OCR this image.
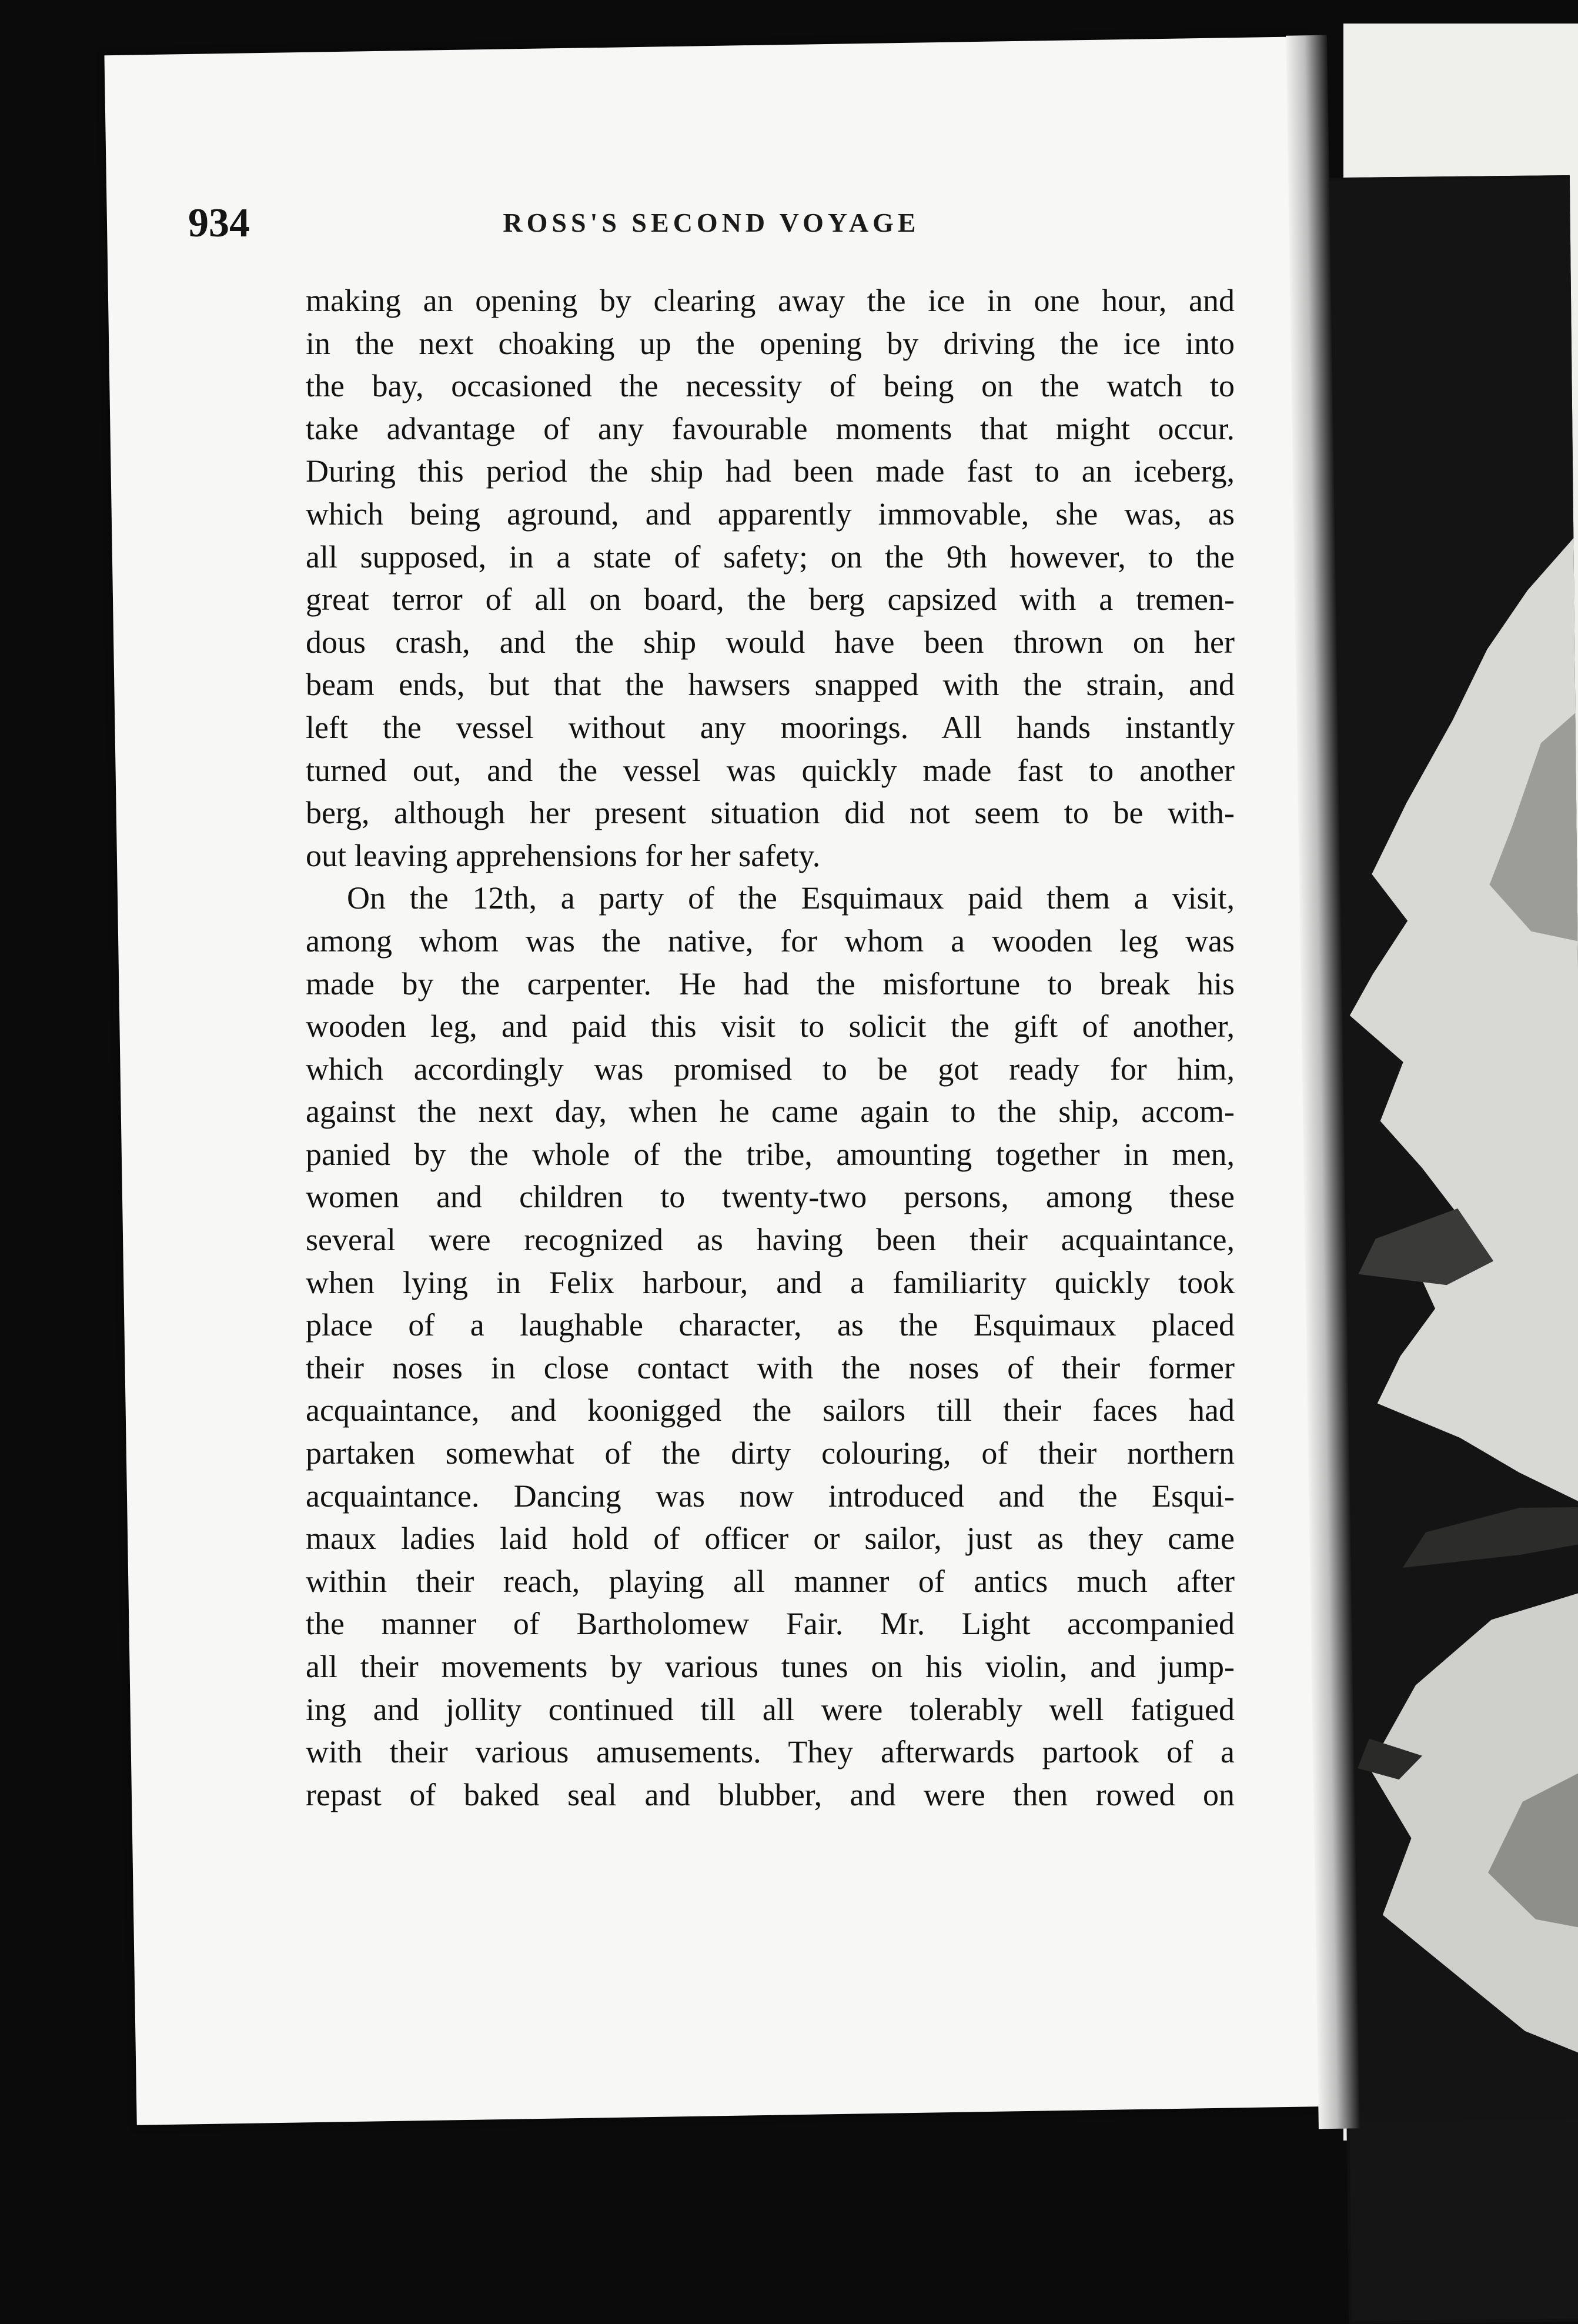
934	ROSS'S SECOND VOYAGE
making an opening by clearing away the ice in one hour, and
in the next choaking up the opening by driving the ice into
the bay, occasioned the necessity of being on the watch to
take advantage of any favourable moments that might occur.
During this period the ship had been made fast to an iceberg,
which being aground, and apparently immovable, she was, as
all supposed, in a state of safety; on the 9th however, to the
great terror of all on board, the berg capsized with a tremen-
dous crash, and the ship would have been thrown on her
beam ends, but that the hawsers snapped with the strain, and
left the vessel without any moorings. All hands instantly
turned out, and the vessel was quickly made fast to another
berg, although her present situation did not seem to be with-
out leaving apprehensions for her safety.
On the 12th, a party of the Esquimaux paid them a visit,
among whom was the native, for whom a wooden leg was
made by the carpenter. He had the misfortune to break his
wooden leg, and paid this visit to solicit the gift of another,
which accordingly was promised to be got ready for him,
against the next day, when he came again to the ship, accom-
panied by the whole of the tribe, amounting together in men,
women and children to twenty-two persons, among these
several were recognized as having been their acquaintance,
when lying in Felix harbour, and a familiarity quickly took
place of a laughable character, as the Esquimaux placed
their noses in close contact with the noses of their former
acquaintance, and koonigged the sailors till their faces had
partaken somewhat of the dirty colouring, of their northern
acquaintance. Dancing was now introduced and the Esqui-
maux ladies laid hold of officer or sailor, just as they came
within their reach, playing all manner of antics much after
the manner of Bartholomew Fair. Mr. Light accompanied
all their movements by various tunes on his violin, and jump-
ing and jollity continued till all were tolerably well fatigued
with their various amusements. They afterwards partook of a
repast of baked seal and blubber, and were then rowed on
